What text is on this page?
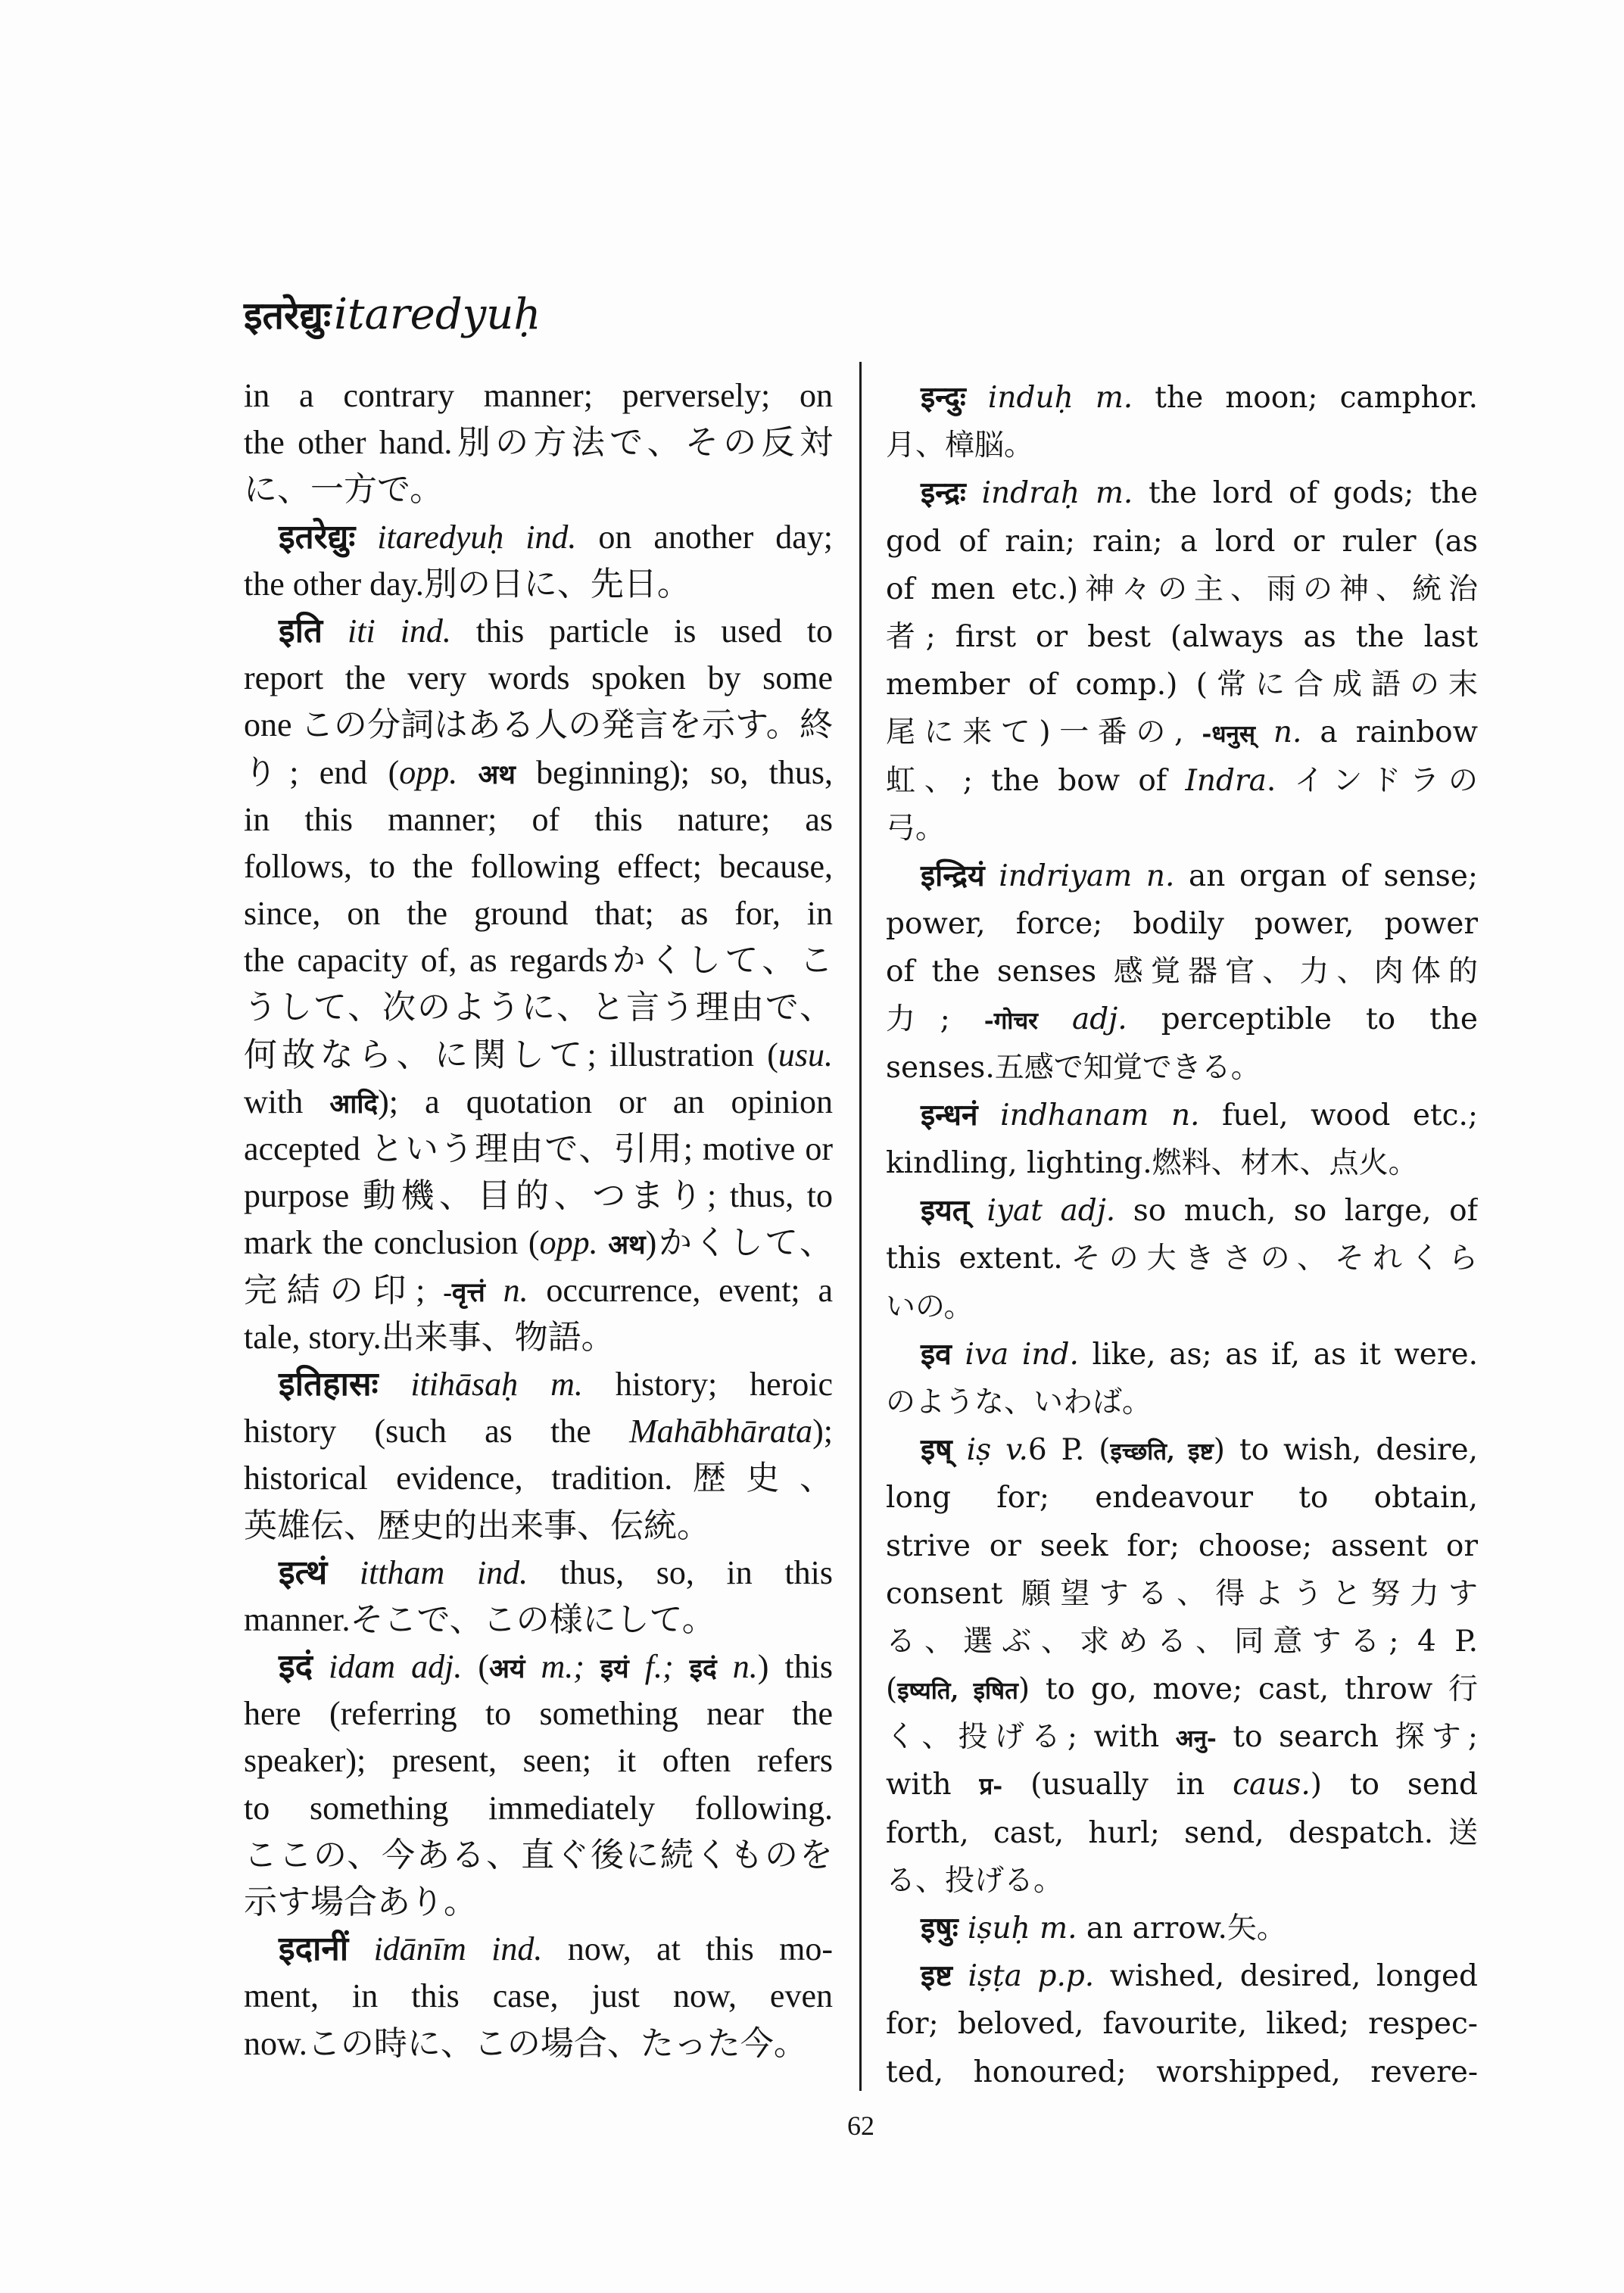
इतरेद्युः itaredyuḥ
in a contrary manner; perversely; on
the other hand.別の方法で、その反対
に、一方で。
इतरेद्युः itaredyuḥ ind. on another day;
the other day.別の日に、先日。
इति iti ind. this particle is used to
report the very words spoken by some
one この分詞はある人の発言を示す。終
り; end (opp. अथ beginning); so, thus,
in this manner; of this nature; as
follows, to the following effect; because,
since, on the ground that; as for, in
the capacity of, as regardsかくして、こ
うして、次のように、と言う理由で、
何故なら、に関して; illustration (usu.
with आदि); a quotation or an opinion
accepted という理由で、引用; motive or
purpose 動機、目的、つまり; thus, to
mark the conclusion (opp. अथ)かくして、
完結の印; -वृत्तं n. occurrence, event; a
tale, story.出来事、物語。
इतिहासः itihāsaḥ m. history; heroic
history (such as the Mahābhārata);
historical evidence, tradition.歴史、
英雄伝、歴史的出来事、伝統。
इत्थं ittham ind. thus, so, in this
manner.そこで、この様にして。
इदं idam adj. (अयं m.; इयं f.; इदं n.) this
here (referring to something near the
speaker); present, seen; it often refers
to something immediately following.
ここの、今ある、直ぐ後に続くものを
示す場合あり。
इदानीं idānīm ind. now, at this mo-
ment, in this case, just now, even
now.この時に、この場合、たった今。
इन्दुः induḥ m. the moon; camphor.
月、樟脳。
इन्द्रः indraḥ m. the lord of gods; the
god of rain; rain; a lord or ruler (as
of men etc.)神々の主、雨の神、統治
者; first or best (always as the last
member of comp.) (常に合成語の末
尾に来て)一番の, -धनुस् n. a rainbow
虹、; the bow of Indra. インドラの
弓。
इन्द्रियं indriyam n. an organ of sense;
power, force; bodily power, power
of the senses 感覚器官、力、肉体的
力; -गोचर adj. perceptible to the
senses.五感で知覚できる。
इन्धनं indhanam n. fuel, wood etc.;
kindling, lighting.燃料、材木、点火。
इयत् iyat adj. so much, so large, of
this extent.その大きさの、それくら
いの。
इव iva ind. like, as; as if, as it were.
のような、いわば。
इष् iṣ v.6 P. (इच्छति, इष्ट) to wish, desire,
long for; endeavour to obtain,
strive or seek for; choose; assent or
consent 願望する、得ようと努力す
る、選ぶ、求める、同意する; 4 P.
(इष्यति, इषित) to go, move; cast, throw 行
く、投げる; with अनु- to search 探す;
with प्र- (usually in caus.) to send
forth, cast, hurl; send, despatch.送
る、投げる。
इषुः iṣuḥ m. an arrow.矢。
इष्ट iṣṭa p.p. wished, desired, longed
for; beloved, favourite, liked; respec-
ted, honoured; worshipped, revere-
62
